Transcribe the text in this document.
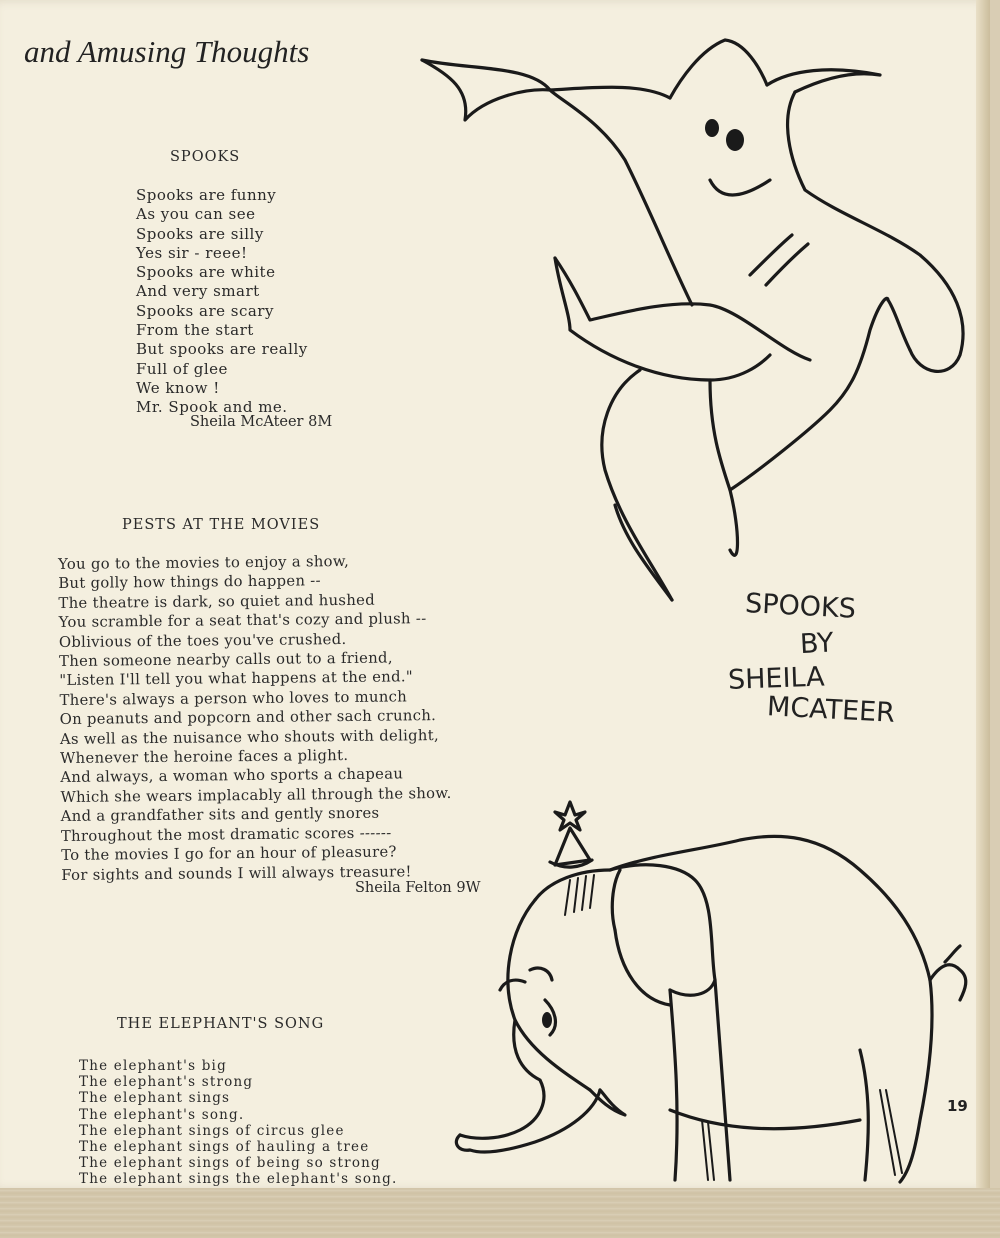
and Amusing Thoughts
SPOOKS
Spooks are funny
As you can see
Spooks are silly
Yes sir - reee!
Spooks are white
And very smart
Spooks are scary
From the start
But spooks are really
Full of glee
We know !
Mr. Spook and me.
Sheila McAteer 8M
PESTS AT THE MOVIES
You go to the movies to enjoy a show,
But golly how things do happen --
The theatre is dark, so quiet and hushed
You scramble for a seat that's cozy and plush --
Oblivious of the toes you've crushed.
Then someone nearby calls out to a friend,
"Listen I'll tell you what happens at the end."
There's always a person who loves to munch
On peanuts and popcorn and other sach crunch.
As well as the nuisance who shouts with delight,
Whenever the heroine faces a plight.
And always, a woman who sports a chapeau
Which she wears implacably all through the show.
And a grandfather sits and gently snores
Throughout the most dramatic scores ------
To the movies I go for an hour of pleasure?
For sights and sounds I will always treasure!
Sheila Felton 9W
THE ELEPHANT'S SONG
The elephant's big
The elephant's strong
The elephant sings
The elephant's song.
The elephant sings of circus glee
The elephant sings of hauling a tree
The elephant sings of being so strong
The elephant sings the elephant's song.
SPOOKS
BY
SHEILA
MCATEER
19
